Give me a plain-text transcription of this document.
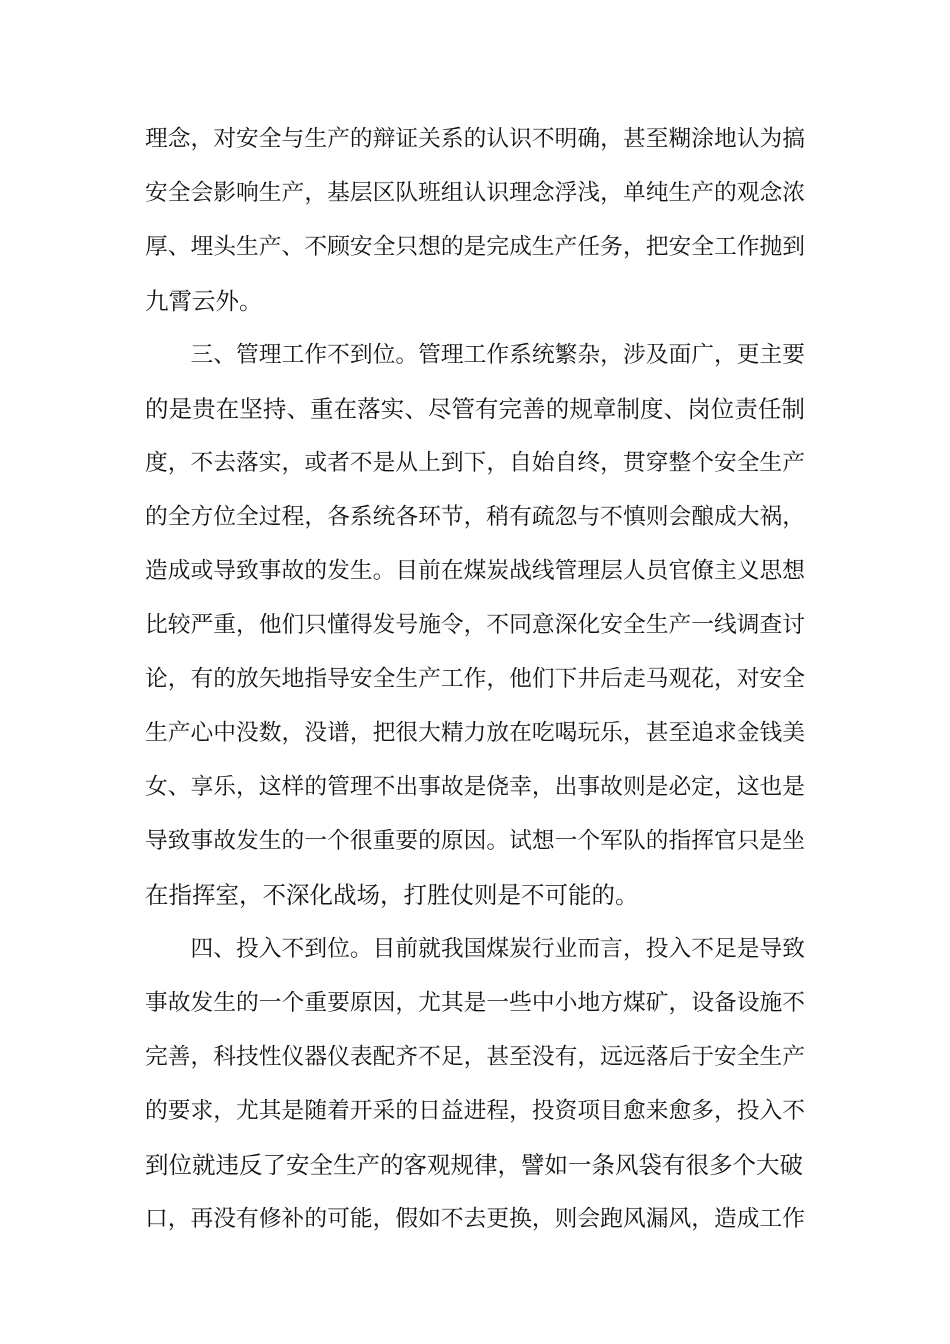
理念，对安全与生产的辩证关系的认识不明确，甚至糊涂地认为搞
安全会影响生产，基层区队班组认识理念浮浅，单纯生产的观念浓
厚、埋头生产、不顾安全只想的是完成生产任务，把安全工作抛到
九霄云外。
　　三、管理工作不到位。管理工作系统繁杂，涉及面广，更主要
的是贵在坚持、重在落实、尽管有完善的规章制度、岗位责任制
度，不去落实，或者不是从上到下，自始自终，贯穿整个安全生产
的全方位全过程，各系统各环节，稍有疏忽与不慎则会酿成大祸，
造成或导致事故的发生。目前在煤炭战线管理层人员官僚主义思想
比较严重，他们只懂得发号施令，不同意深化安全生产一线调查讨
论，有的放矢地指导安全生产工作，他们下井后走马观花，对安全
生产心中没数，没谱，把很大精力放在吃喝玩乐，甚至追求金钱美
女、享乐，这样的管理不出事故是侥幸，出事故则是必定，这也是
导致事故发生的一个很重要的原因。试想一个军队的指挥官只是坐
在指挥室，不深化战场，打胜仗则是不可能的。
　　四、投入不到位。目前就我国煤炭行业而言，投入不足是导致
事故发生的一个重要原因，尤其是一些中小地方煤矿，设备设施不
完善，科技性仪器仪表配齐不足，甚至没有，远远落后于安全生产
的要求，尤其是随着开采的日益进程，投资项目愈来愈多，投入不
到位就违反了安全生产的客观规律，譬如一条风袋有很多个大破
口，再没有修补的可能，假如不去更换，则会跑风漏风，造成工作
